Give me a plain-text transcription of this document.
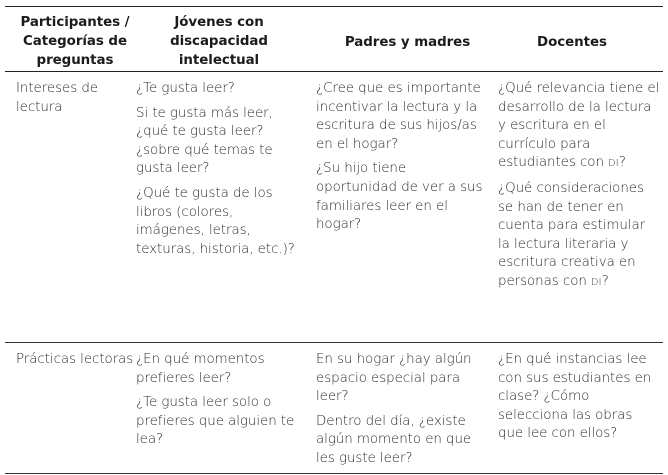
Participantes / Categorías de preguntas
Jóvenes con discapacidad intelectual
Padres y madres	Docentes
Intereses de lectura

¿Te gusta leer?

Si te gusta más leer, ¿qué te gusta leer? ¿sobre qué temas te gusta leer?

¿Qué te gusta de los libros (colores, imágenes, letras, texturas, historia, etc.)?

¿Cree que es importante incentivar la lectura y la escritura de sus hijos/as en el hogar?

¿Su hijo tiene oportunidad de ver a sus familiares leer en el hogar?

¿Qué relevancia tiene el desarrollo de la lectura y escritura en el currículo para estudiantes con DI?

¿Qué consideraciones se han de tener en cuenta para estimular la lectura literaria y escritura creativa en personas con DI?

Prácticas lectoras ¿En qué momentos prefieres leer?

¿Te gusta leer solo o prefieres que alguien te lea?

En su hogar ¿hay algún espacio especial para leer?

Dentro del día, ¿existe algún momento en que les guste leer?

¿En qué instancias lee con sus estudiantes en clase? ¿Cómo selecciona las obras que lee con ellos?
